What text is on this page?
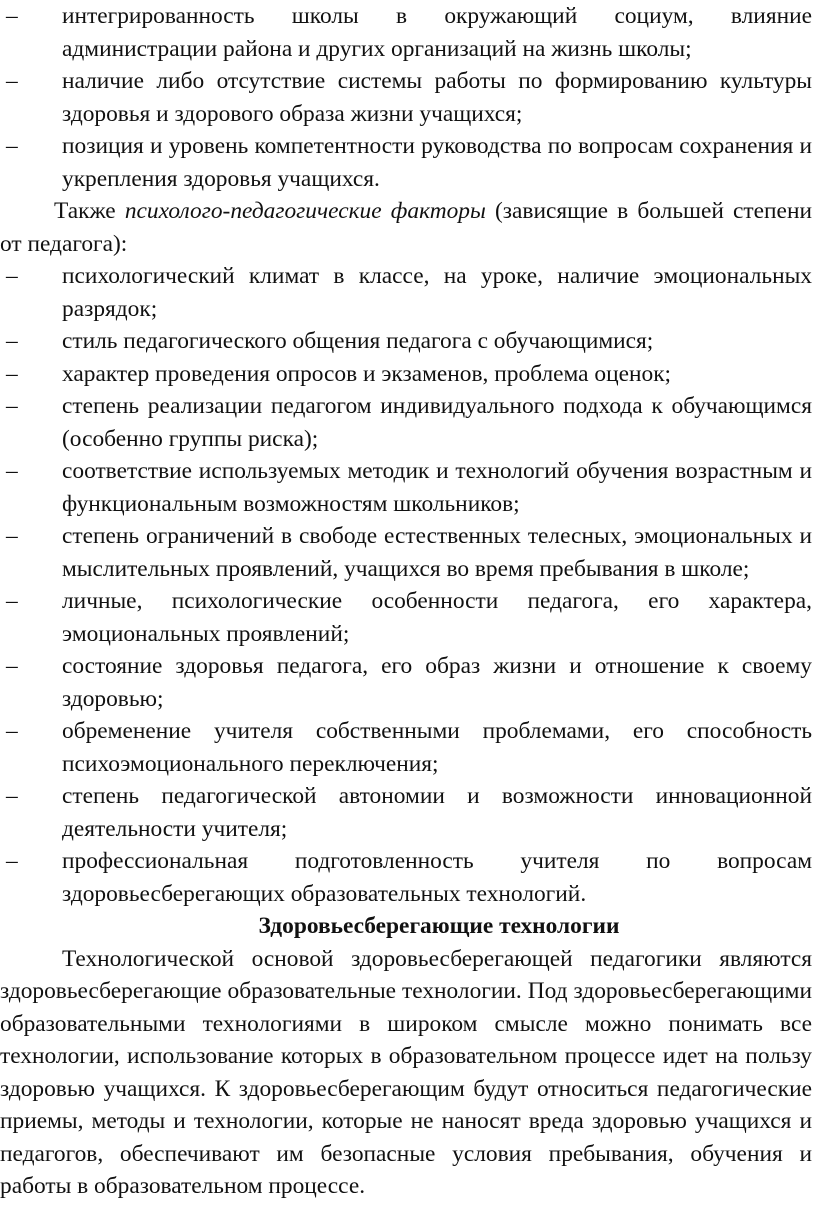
– интегрированность школы в окружающий социум, влияние администрации района и других организаций на жизнь школы;
– наличие либо отсутствие системы работы по формированию культуры здоровья и здорового образа жизни учащихся;
– позиция и уровень компетентности руководства по вопросам сохранения и укрепления здоровья учащихся.

Также психолого-педагогические факторы (зависящие в большей степени от педагога):

– психологический климат в классе, на уроке, наличие эмоциональных разрядок;
– стиль педагогического общения педагога с обучающимися;
– характер проведения опросов и экзаменов, проблема оценок;
– степень реализации педагогом индивидуального подхода к обучающимся (особенно группы риска);
– соответствие используемых методик и технологий обучения возрастным и функциональным возможностям школьников;
– степень ограничений в свободе естественных телесных, эмоциональных и мыслительных проявлений, учащихся во время пребывания в школе;
– личные, психологические особенности педагога, его характера, эмоциональных проявлений;
– состояние здоровья педагога, его образ жизни и отношение к своему здоровью;
– обременение учителя собственными проблемами, его способность психоэмоционального переключения;
– степень педагогической автономии и возможности инновационной деятельности учителя;
– профессиональная подготовленность учителя по вопросам здоровьесберегающих образовательных технологий.
Здоровьесберегающие технологии

Технологической основой здоровьесберегающей педагогики являются здоровьесберегающие образовательные технологии. Под здоровьесберегающими образовательными технологиями в широком смысле можно понимать все технологии, использование которых в образовательном процессе идет на пользу здоровью учащихся. К здоровьесберегающим будут относиться педагогические приемы, методы и технологии, которые не наносят вреда здоровью учащихся и педагогов, обеспечивают им безопасные условия пребывания, обучения и работы в образовательном процессе.
